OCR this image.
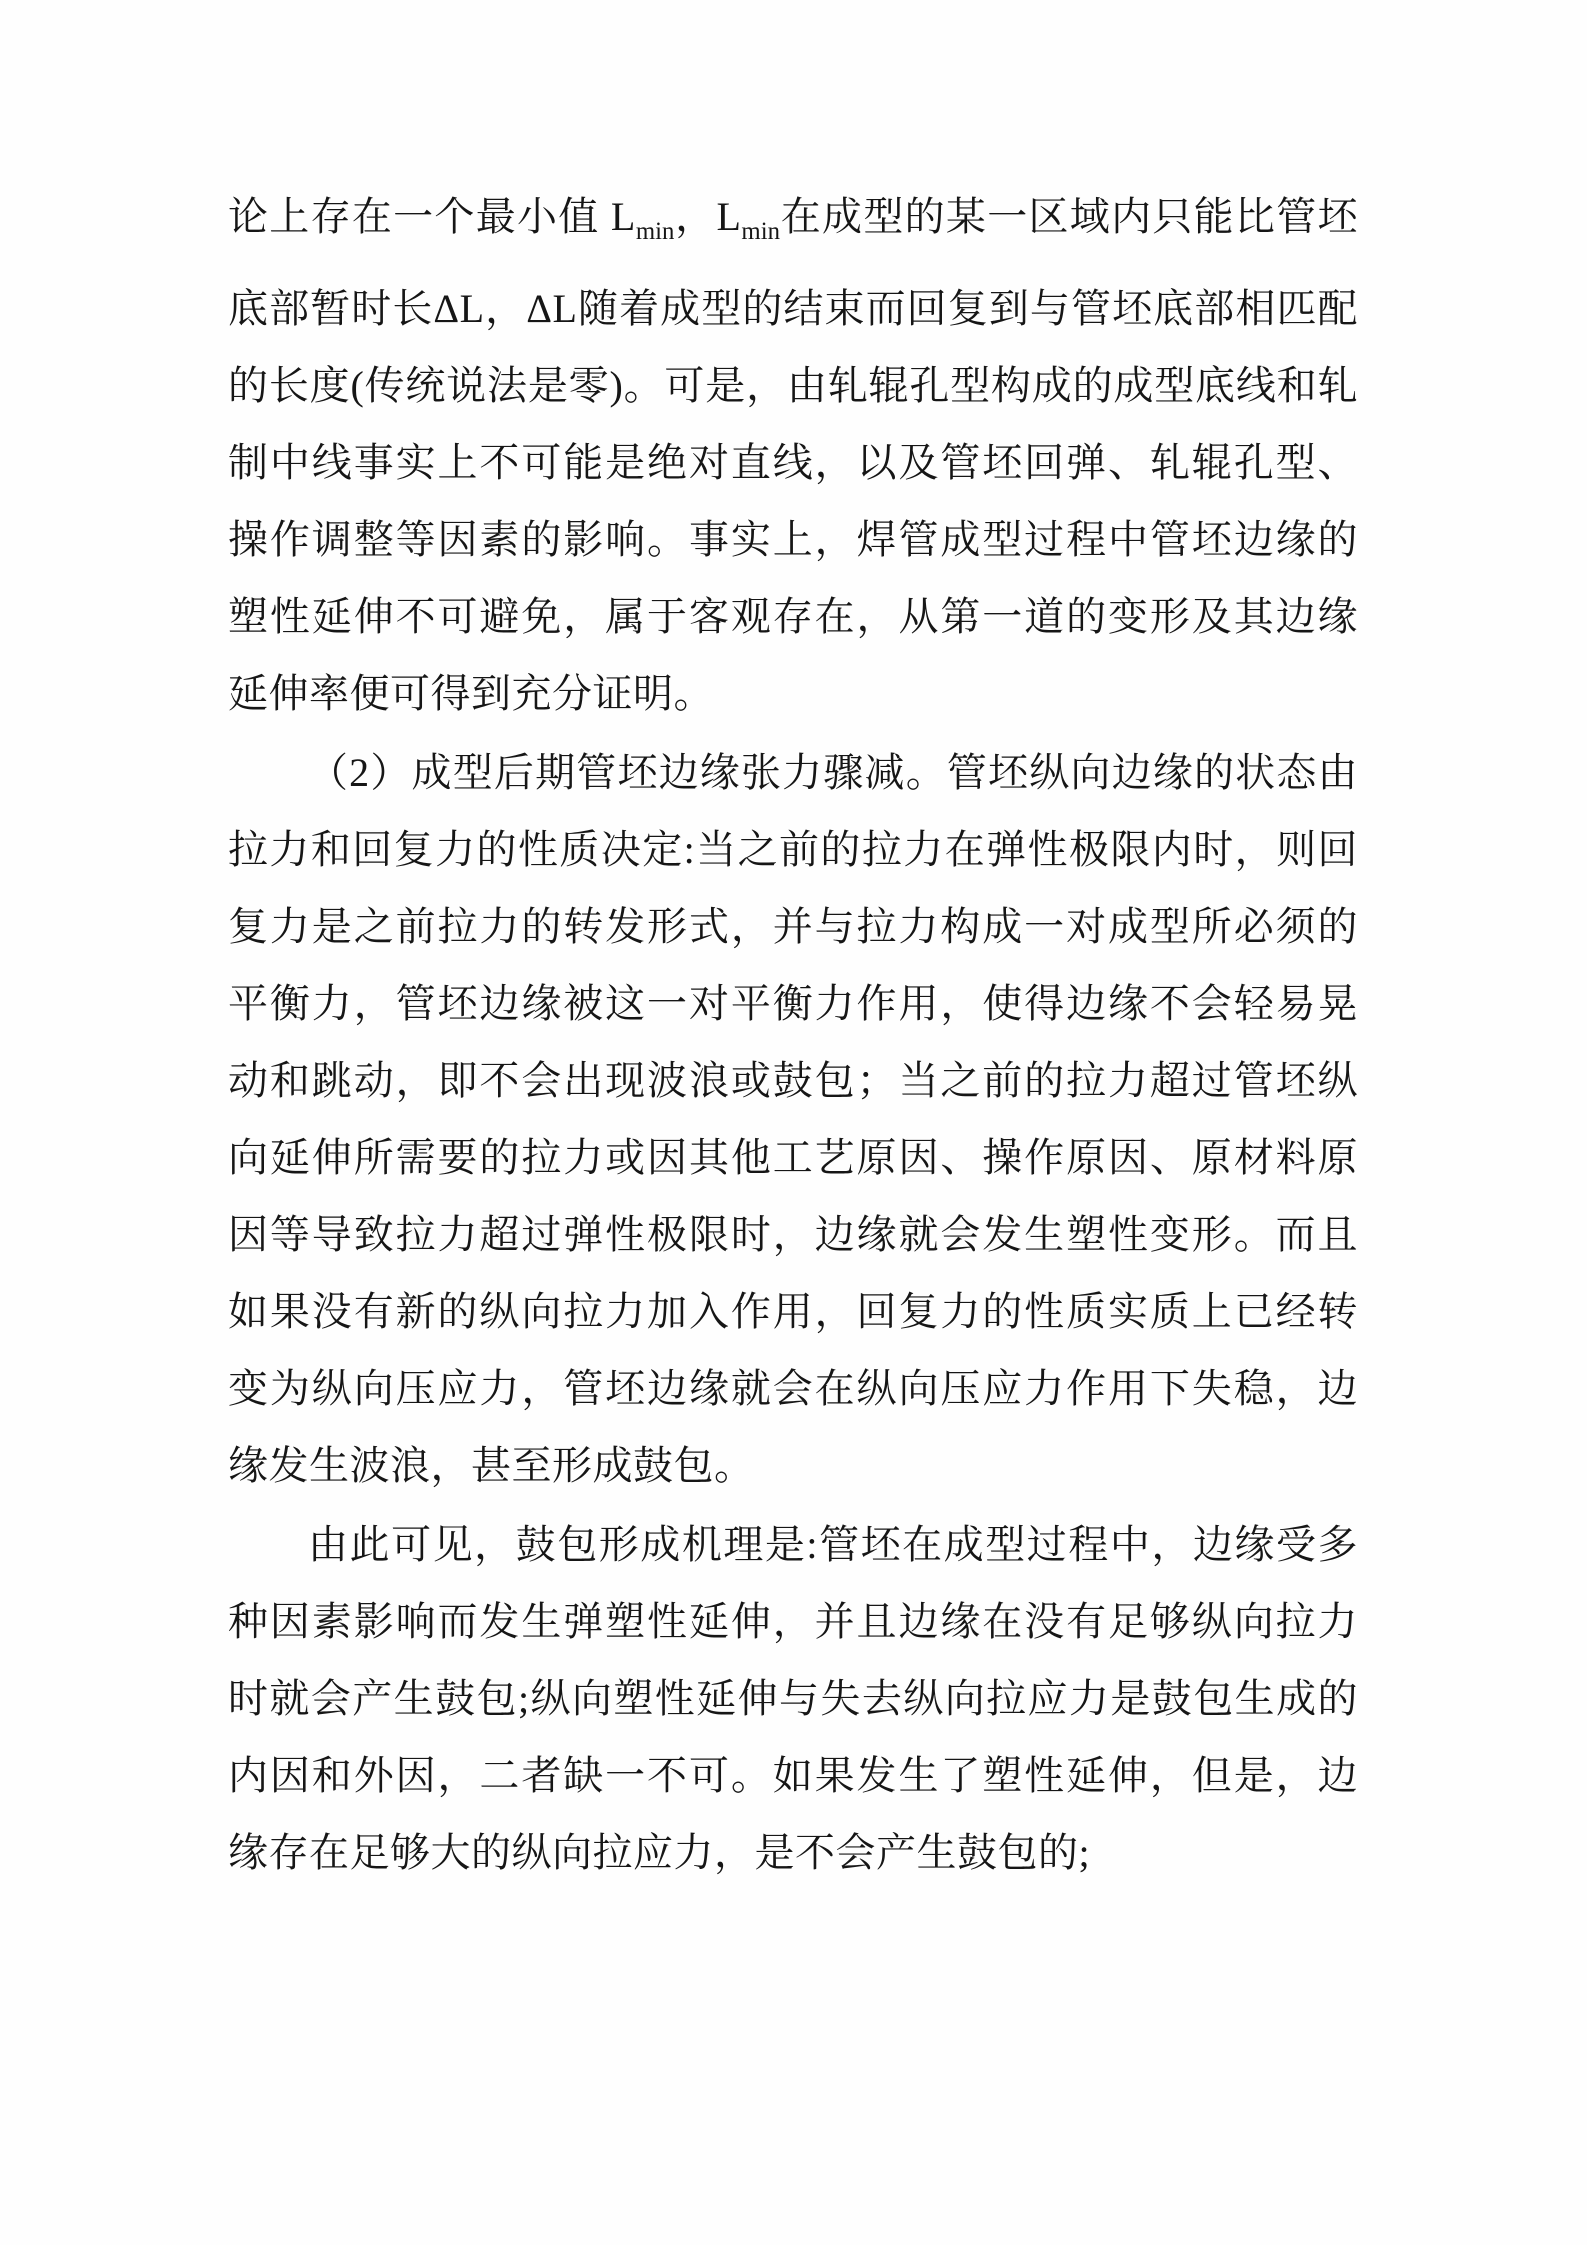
论上存在一个最小值 $L_{min}$，$L_{min}$在成型的某一区域内只能比管坯底部暂时长ΔL，ΔL随着成型的结束而回复到与管坯底部相匹配的长度(传统说法是零)。可是，由轧辊孔型构成的成型底线和轧制中线事实上不可能是绝对直线，以及管坯回弹、轧辊孔型、操作调整等因素的影响。事实上，焊管成型过程中管坯边缘的塑性延伸不可避免，属于客观存在，从第一道的变形及其边缘延伸率便可得到充分证明。

（2）成型后期管坯边缘张力骤减。管坯纵向边缘的状态由拉力和回复力的性质决定:当之前的拉力在弹性极限内时，则回复力是之前拉力的转发形式，并与拉力构成一对成型所必须的平衡力，管坯边缘被这一对平衡力作用，使得边缘不会轻易晃动和跳动，即不会出现波浪或鼓包；当之前的拉力超过管坯纵向延伸所需要的拉力或因其他工艺原因、操作原因、原材料原因等导致拉力超过弹性极限时，边缘就会发生塑性变形。而且如果没有新的纵向拉力加入作用，回复力的性质实质上已经转变为纵向压应力，管坯边缘就会在纵向压应力作用下失稳，边缘发生波浪，甚至形成鼓包。

由此可见，鼓包形成机理是:管坯在成型过程中，边缘受多种因素影响而发生弹塑性延伸，并且边缘在没有足够纵向拉力时就会产生鼓包;纵向塑性延伸与失去纵向拉应力是鼓包生成的内因和外因，二者缺一不可。如果发生了塑性延伸，但是，边缘存在足够大的纵向拉应力，是不会产生鼓包的;
